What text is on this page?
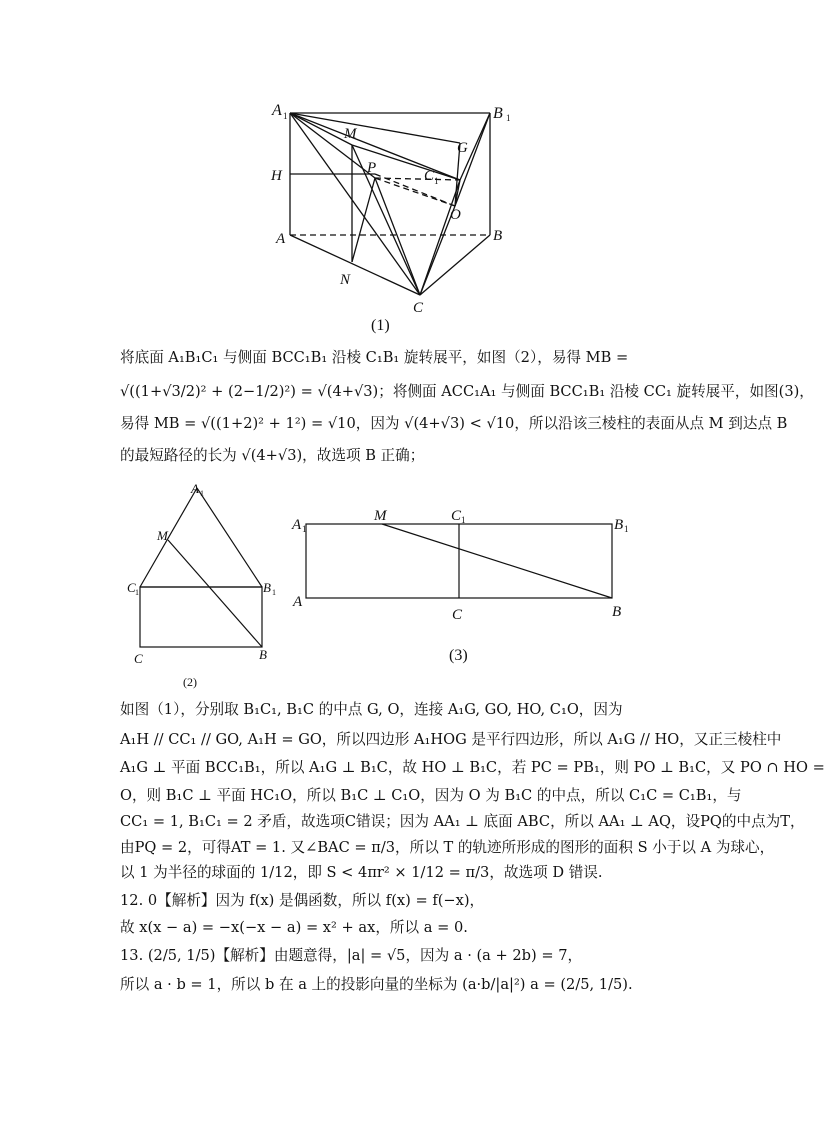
A 1	B 1
M
G
H	P	C 1
O
A	B
N
C
(1)
将底面 A₁B₁C₁ 与侧面 BCC₁B₁ 沿棱 C₁B₁ 旋转展平，如图（2），易得 MB =
√((1+√3/2)² + (2−1/2)²) = √(4+√3)；将侧面 ACC₁A₁ 与侧面 BCC₁B₁ 沿棱 CC₁ 旋转展平，如图(3)，
易得 MB = √((1+2)² + 1²) = √10，因为 √(4+√3) < √10，所以沿该三棱柱的表面从点 M 到达点 B
的最短路径的长为 √(4+√3)，故选项 B 正确；
A 1
M
C 1	B 1
C	B
(2)
A 1
M	C 1	B 1
A
C	B
(3)
如图（1），分别取 B₁C₁, B₁C 的中点 G, O，连接 A₁G, GO, HO, C₁O，因为
A₁H // CC₁ // GO, A₁H = GO，所以四边形 A₁HOG 是平行四边形，所以 A₁G // HO，又正三棱柱中
A₁G ⊥ 平面 BCC₁B₁，所以 A₁G ⊥ B₁C，故 HO ⊥ B₁C，若 PC = PB₁，则 PO ⊥ B₁C，又 PO ∩ HO =
O，则 B₁C ⊥ 平面 HC₁O，所以 B₁C ⊥ C₁O，因为 O 为 B₁C 的中点，所以 C₁C = C₁B₁，与
CC₁ = 1, B₁C₁ = 2 矛盾，故选项C错误；因为 AA₁ ⊥ 底面 ABC，所以 AA₁ ⊥ AQ，设PQ的中点为T，
由PQ = 2，可得AT = 1. 又∠BAC = π/3，所以 T 的轨迹所形成的图形的面积 S 小于以 A 为球心，
以 1 为半径的球面的 1/12，即 S < 4πr² × 1/12 = π/3，故选项 D 错误.
12. 0【解析】因为 f(x) 是偶函数，所以 f(x) = f(−x)，
故 x(x − a) = −x(−x − a) = x² + ax，所以 a = 0.
13. (2/5, 1/5)【解析】由题意得，|a| = √5，因为 a · (a + 2b) = 7，
所以 a · b = 1，所以 b 在 a 上的投影向量的坐标为 (a·b/|a|²) a = (2/5, 1/5).
